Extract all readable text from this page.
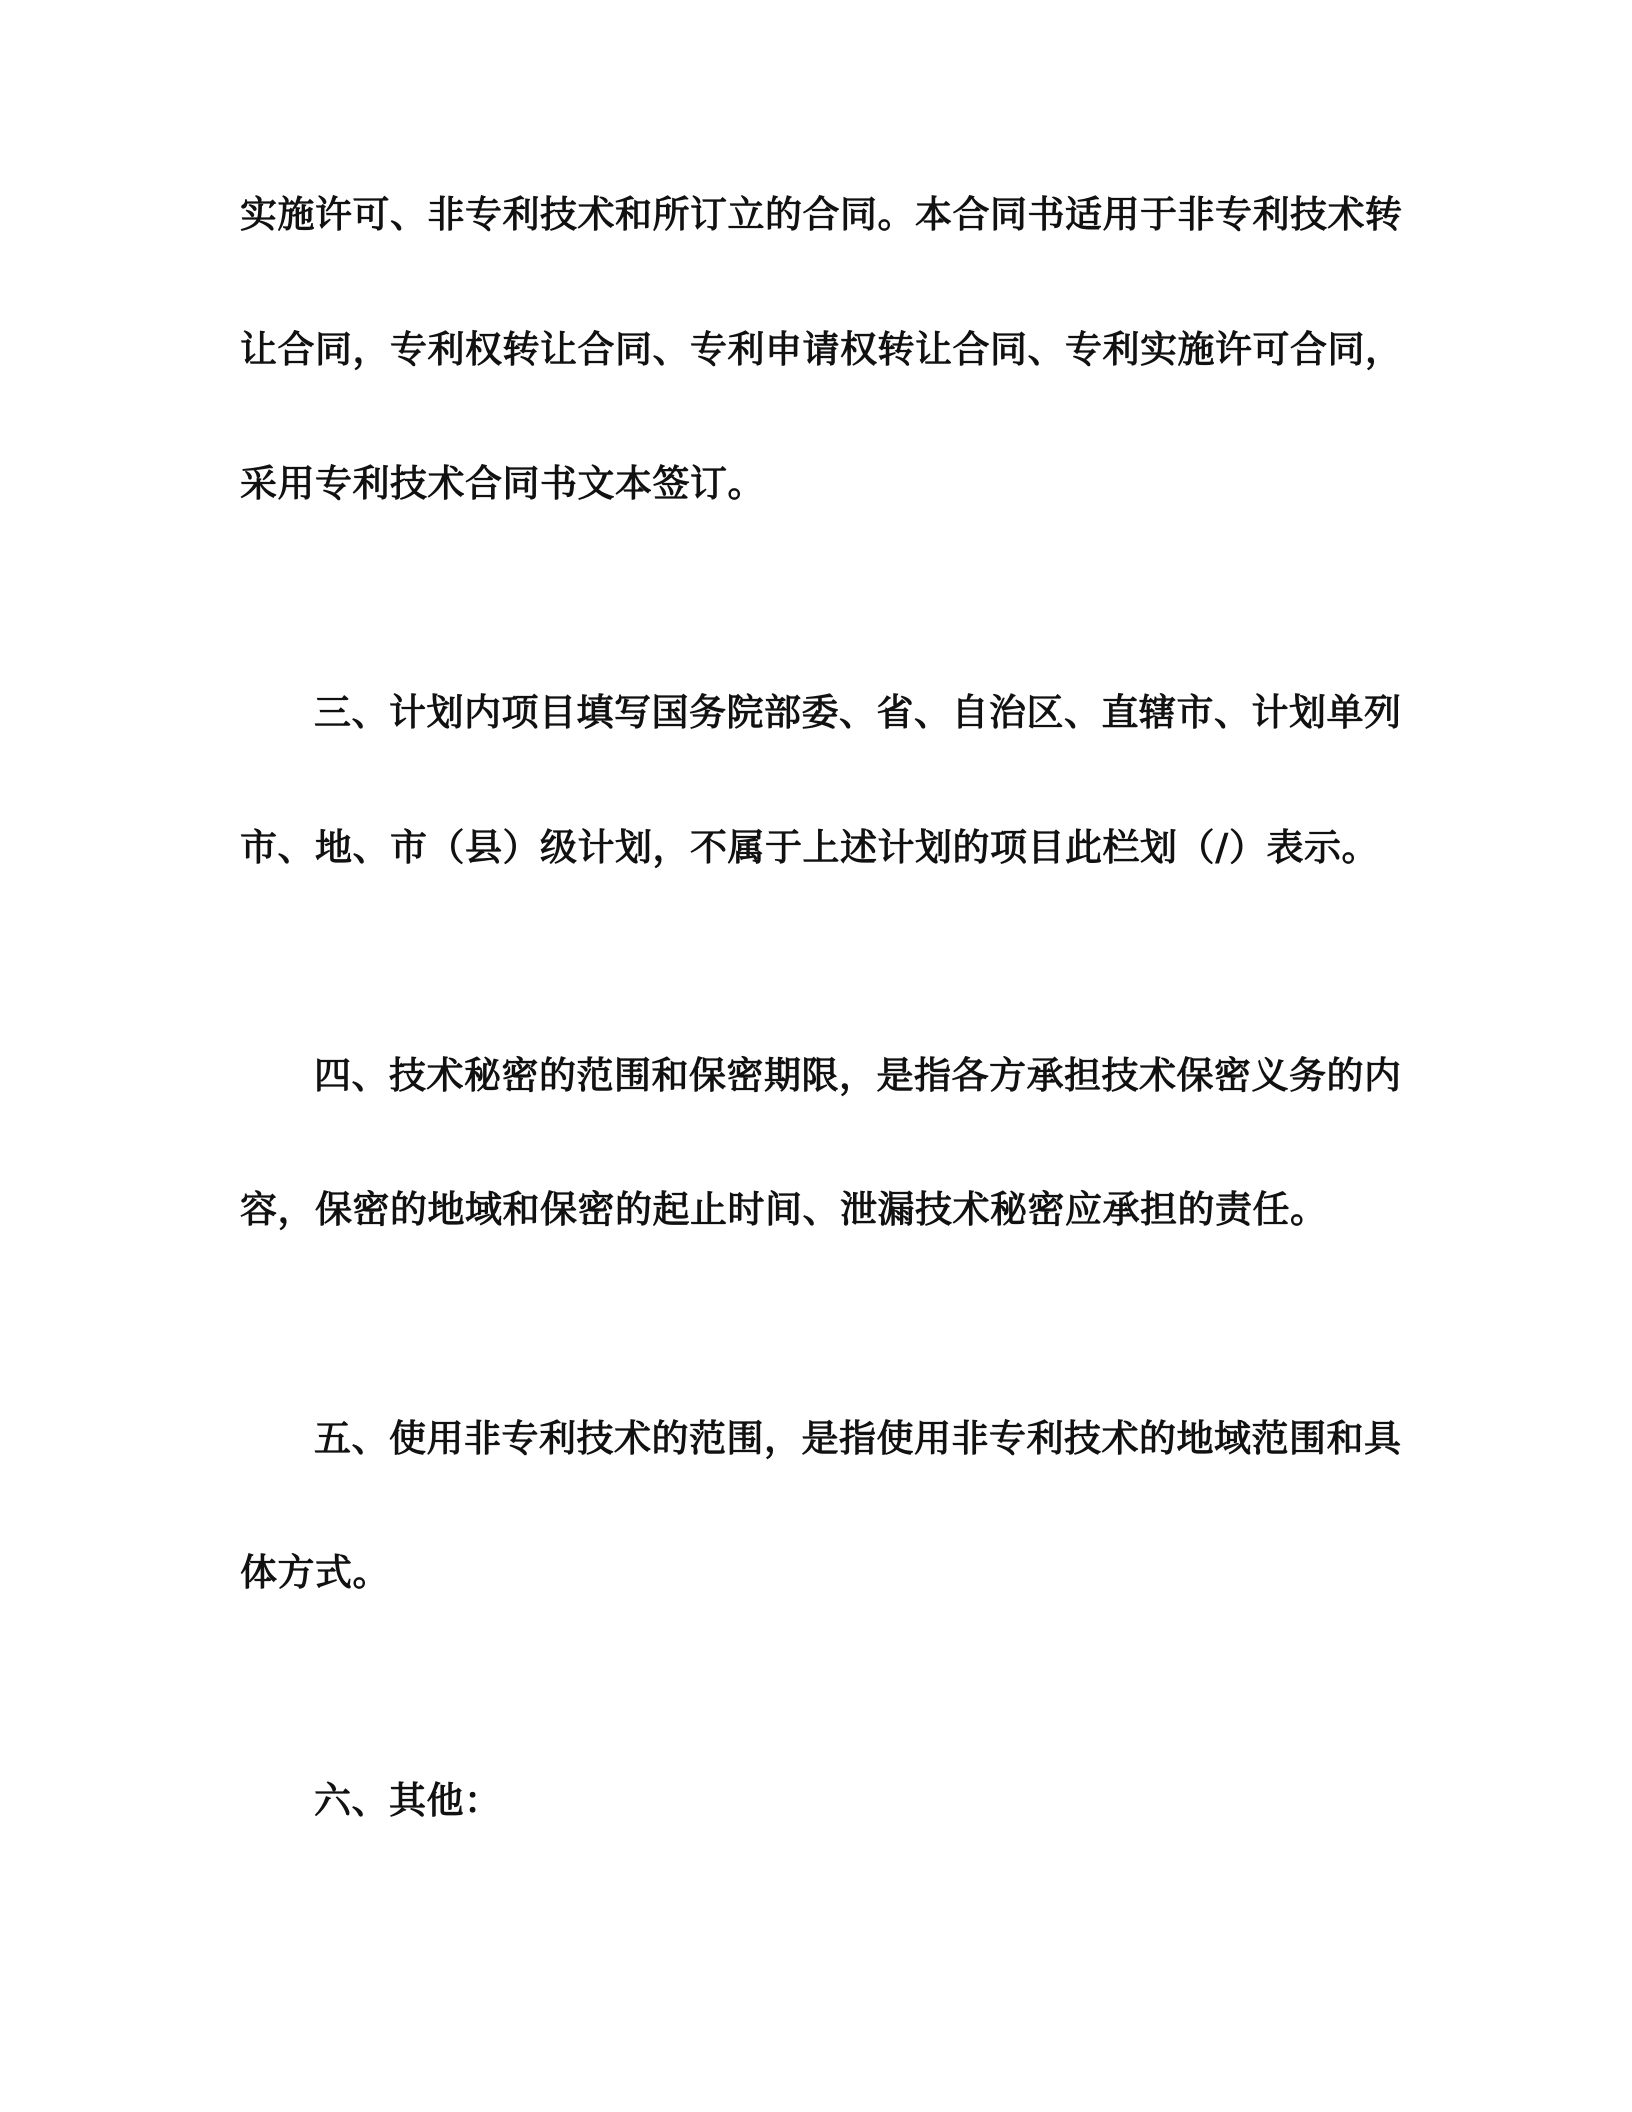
实施许可、非专利技术和所订立的合同。本合同书适用于非专利技术转
让合同，专利权转让合同、专利申请权转让合同、专利实施许可合同，
采用专利技术合同书文本签订。
三、计划内项目填写国务院部委、省、自治区、直辖市、计划单列
市、地、市（县）级计划，不属于上述计划的项目此栏划（/）表示。
四、技术秘密的范围和保密期限，是指各方承担技术保密义务的内
容，保密的地域和保密的起止时间、泄漏技术秘密应承担的责任。
五、使用非专利技术的范围，是指使用非专利技术的地域范围和具
体方式。
六、其他：
